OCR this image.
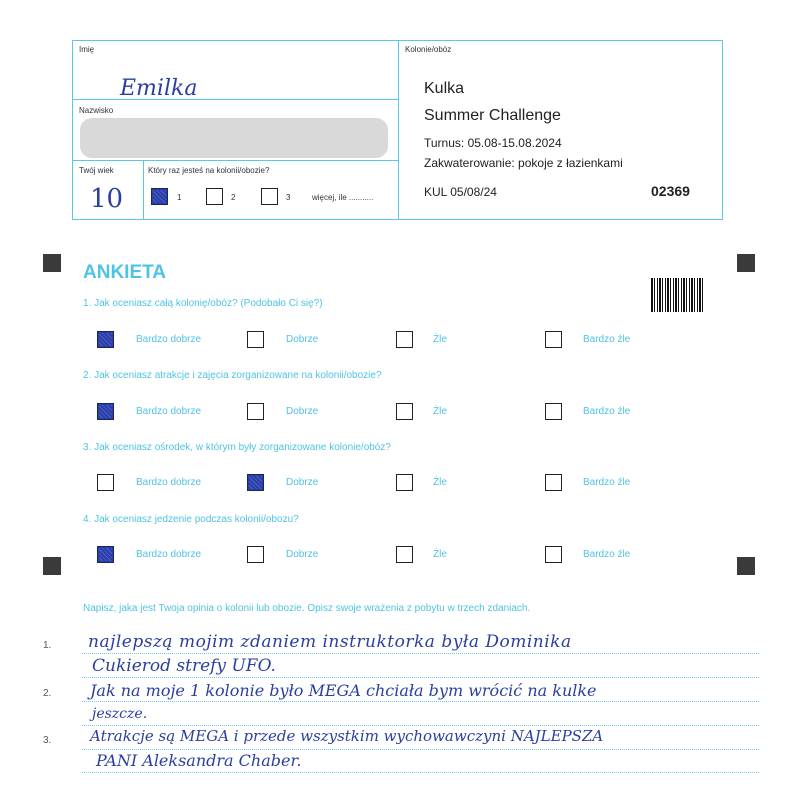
Imię
Emilka
Nazwisko
Twój wiek
10
Który raz jesteś na kolonii/obozie?
1	2	3	więcej, ile ...........
Kolonie/obóz
Kulka
Summer Challenge
Turnus: 05.08-15.08.2024
Zakwaterowanie: pokoje z łazienkami
KUL 05/08/24	02369
ANKIETA
1. Jak oceniasz całą kolonię/obóz? (Podobało Ci się?)
Bardzo dobrze	Dobrze	Źle	Bardzo źle
2. Jak oceniasz atrakcje i zajęcia zorganizowane na kolonii/obozie?
Bardzo dobrze	Dobrze	Źle	Bardzo źle
3. Jak oceniasz ośrodek, w którym były zorganizowane kolonie/obóz?
Bardzo dobrze	Dobrze	Źle	Bardzo źle
4. Jak oceniasz jedzenie podczas kolonii/obozu?
Bardzo dobrze	Dobrze	Źle	Bardzo źle
Napisz, jaka jest Twoja opinia o kolonii lub obozie. Opisz swoje wrażenia z pobytu w trzech zdaniach.
1.
2.
3.
najlepszą mojim zdaniem instruktorka była Dominika
Cukierod strefy UFO.
Jak na moje 1 kolonie było MEGA chciała bym wrócić na kulke
jeszcze.
Atrakcje są MEGA i przede wszystkim wychowawczyni NAJLEPSZA
PANI Aleksandra Chaber.
